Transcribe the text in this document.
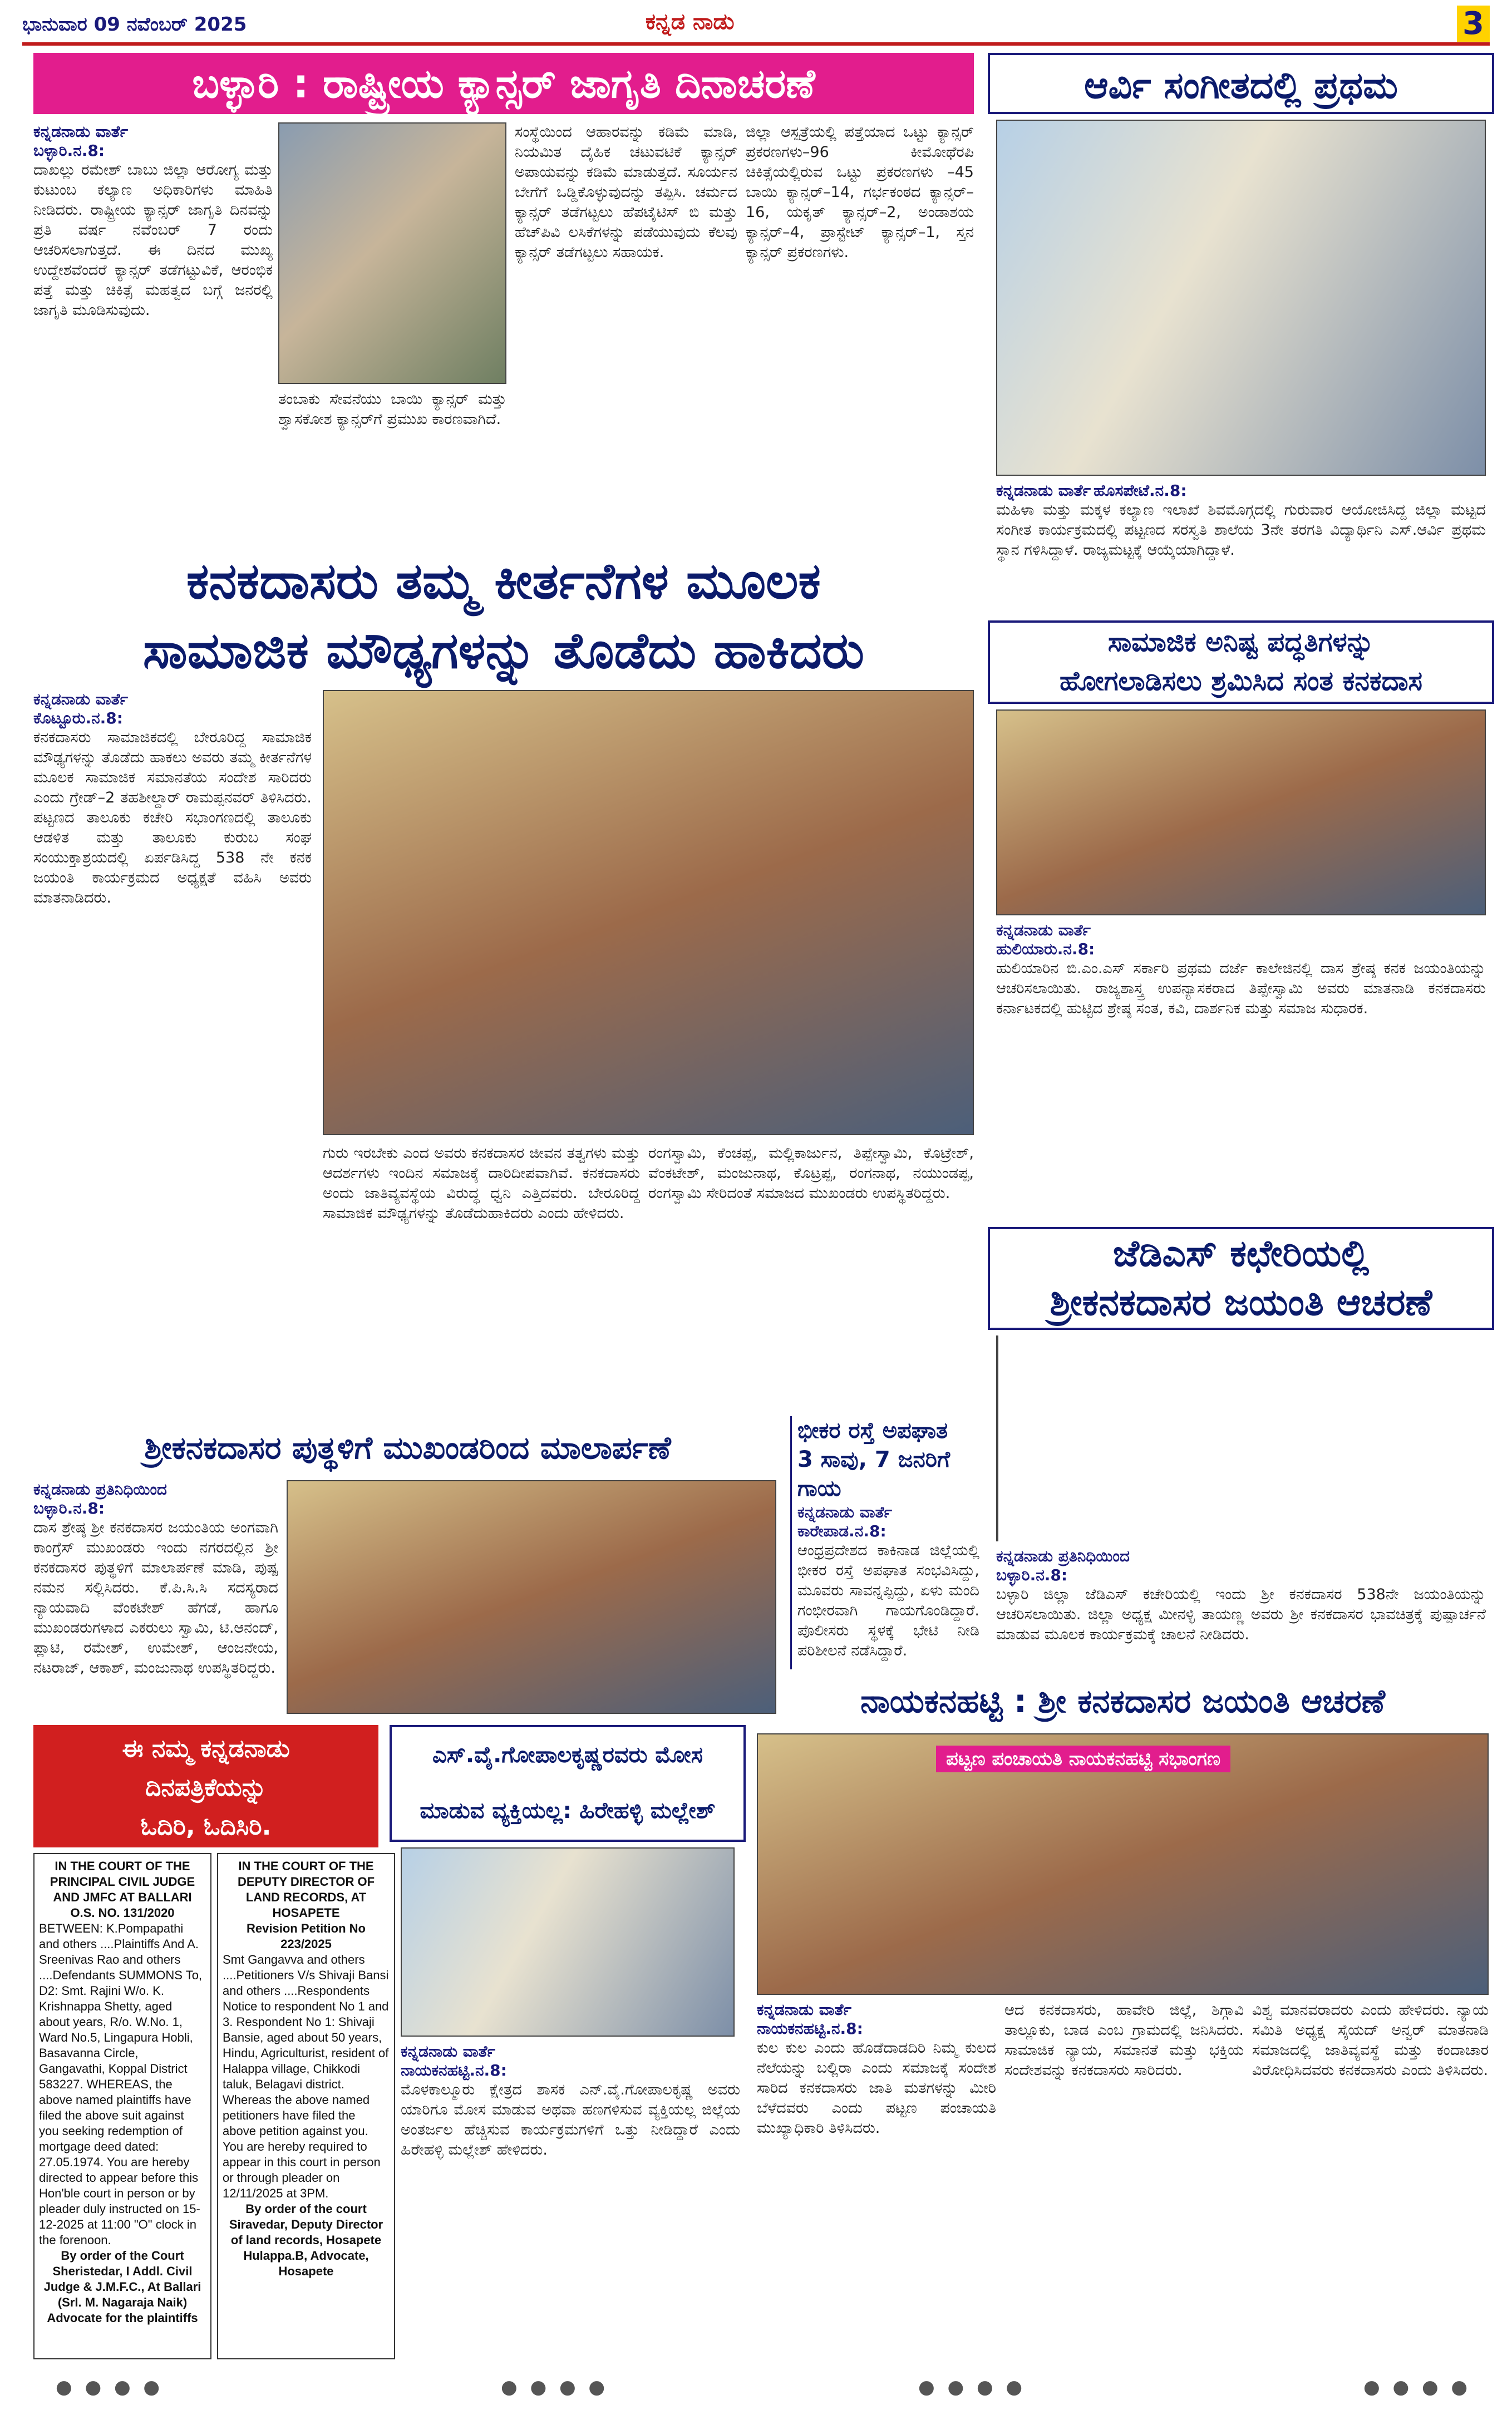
ಭಾನುವಾರ 09 ನವೆಂಬರ್ 2025	ಕನ್ನಡ ನಾಡು	3
ಬಳ್ಳಾರಿ : ರಾಷ್ಟ್ರೀಯ ಕ್ಯಾನ್ಸರ್ ಜಾಗೃತಿ ದಿನಾಚರಣೆ
ಕನ್ನಡನಾಡು ವಾರ್ತೆ
ಬಳ್ಳಾರಿ.ನ.8:
ದಾಖಲ್ಲು ರಮೇಶ್ ಬಾಬು ಜಿಲ್ಲಾ ಆರೋಗ್ಯ ಮತ್ತು ಕುಟುಂಬ ಕಲ್ಯಾಣ ಅಧಿಕಾರಿಗಳು ಮಾಹಿತಿ ನೀಡಿದರು. ರಾಷ್ಟ್ರೀಯ ಕ್ಯಾನ್ಸರ್ ಜಾಗೃತಿ ದಿನವನ್ನು ಪ್ರತಿ ವರ್ಷ ನವೆಂಬರ್ 7 ರಂದು ಆಚರಿಸಲಾಗುತ್ತದೆ. ಈ ದಿನದ ಮುಖ್ಯ ಉದ್ದೇಶವೆಂದರೆ ಕ್ಯಾನ್ಸರ್ ತಡೆಗಟ್ಟುವಿಕೆ, ಆರಂಭಿಕ ಪತ್ತೆ ಮತ್ತು ಚಿಕಿತ್ಸೆ ಮಹತ್ವದ ಬಗ್ಗೆ ಜನರಲ್ಲಿ ಜಾಗೃತಿ ಮೂಡಿಸುವುದು.
ತಂಬಾಕು ಸೇವನೆಯು ಬಾಯಿ ಕ್ಯಾನ್ಸರ್ ಮತ್ತು ಶ್ವಾಸಕೋಶ ಕ್ಯಾನ್ಸರ್‌ಗೆ ಪ್ರಮುಖ ಕಾರಣವಾಗಿದೆ.
ಸಂಸ್ಥೆಯಿಂದ ಆಹಾರವನ್ನು ಕಡಿಮೆ ಮಾಡಿ, ನಿಯಮಿತ ದೈಹಿಕ ಚಟುವಟಿಕೆ ಕ್ಯಾನ್ಸರ್ ಅಪಾಯವನ್ನು ಕಡಿಮೆ ಮಾಡುತ್ತದೆ. ಸೂರ್ಯನ ಬೇಗೆಗೆ ಒಡ್ಡಿಕೊಳ್ಳುವುದನ್ನು ತಪ್ಪಿಸಿ. ಚರ್ಮದ ಕ್ಯಾನ್ಸರ್ ತಡೆಗಟ್ಟಲು ಹೆಪಟೈಟಿಸ್ ಬಿ ಮತ್ತು ಹೆಚ್‌ಪಿವಿ ಲಸಿಕೆಗಳನ್ನು ಪಡೆಯುವುದು ಕೆಲವು ಕ್ಯಾನ್ಸರ್ ತಡೆಗಟ್ಟಲು ಸಹಾಯಕ.
ಜಿಲ್ಲಾ ಆಸ್ಪತ್ರೆಯಲ್ಲಿ ಪತ್ತೆಯಾದ ಒಟ್ಟು ಕ್ಯಾನ್ಸರ್ ಪ್ರಕರಣಗಳು–96 ಕೀಮೋಥೆರಪಿ ಚಿಕಿತ್ಸೆಯಲ್ಲಿರುವ ಒಟ್ಟು ಪ್ರಕರಣಗಳು –45 ಬಾಯಿ ಕ್ಯಾನ್ಸರ್–14, ಗರ್ಭಕಂಠದ ಕ್ಯಾನ್ಸರ್–16, ಯಕೃತ್ ಕ್ಯಾನ್ಸರ್–2, ಅಂಡಾಶಯ ಕ್ಯಾನ್ಸರ್–4, ಪ್ರಾಸ್ಟೇಟ್ ಕ್ಯಾನ್ಸರ್–1, ಸ್ತನ ಕ್ಯಾನ್ಸರ್ ಪ್ರಕರಣಗಳು.
ಆರ್ವಿ ಸಂಗೀತದಲ್ಲಿ ಪ್ರಥಮ
ಕನ್ನಡನಾಡು ವಾರ್ತೆ ಹೊಸಪೇಟೆ.ನ.8:
ಮಹಿಳಾ ಮತ್ತು ಮಕ್ಕಳ ಕಲ್ಯಾಣ ಇಲಾಖೆ ಶಿವಮೊಗ್ಗದಲ್ಲಿ ಗುರುವಾರ ಆಯೋಜಿಸಿದ್ದ ಜಿಲ್ಲಾ ಮಟ್ಟದ ಸಂಗೀತ ಕಾರ್ಯಕ್ರಮದಲ್ಲಿ ಪಟ್ಟಣದ ಸರಸ್ವತಿ ಶಾಲೆಯ 3ನೇ ತರಗತಿ ವಿದ್ಯಾರ್ಥಿನಿ ಎಸ್.ಆರ್ವಿ ಪ್ರಥಮ ಸ್ಥಾನ ಗಳಿಸಿದ್ದಾಳೆ. ರಾಜ್ಯಮಟ್ಟಕ್ಕೆ ಆಯ್ಕೆಯಾಗಿದ್ದಾಳೆ.
ಕನಕದಾಸರು ತಮ್ಮ ಕೀರ್ತನೆಗಳ ಮೂಲಕ
ಸಾಮಾಜಿಕ ಮೌಢ್ಯಗಳನ್ನು ತೊಡೆದು ಹಾಕಿದರು
ಕನ್ನಡನಾಡು ವಾರ್ತೆ
ಕೊಟ್ಟೂರು.ನ.8:
ಕನಕದಾಸರು ಸಾಮಾಜಿಕದಲ್ಲಿ ಬೇರೂರಿದ್ದ ಸಾಮಾಜಿಕ ಮೌಢ್ಯಗಳನ್ನು ತೊಡೆದು ಹಾಕಲು ಅವರು ತಮ್ಮ ಕೀರ್ತನೆಗಳ ಮೂಲಕ ಸಾಮಾಜಿಕ ಸಮಾನತೆಯ ಸಂದೇಶ ಸಾರಿದರು ಎಂದು ಗ್ರೇಡ್–2 ತಹಶೀಲ್ದಾರ್ ರಾಮಪ್ಪನವರ್ ತಿಳಿಸಿದರು. ಪಟ್ಟಣದ ತಾಲೂಕು ಕಚೇರಿ ಸಭಾಂಗಣದಲ್ಲಿ ತಾಲೂಕು ಆಡಳಿತ ಮತ್ತು ತಾಲೂಕು ಕುರುಬ ಸಂಘ ಸಂಯುಕ್ತಾಶ್ರಯದಲ್ಲಿ ಏರ್ಪಡಿಸಿದ್ದ 538 ನೇ ಕನಕ ಜಯಂತಿ ಕಾರ್ಯಕ್ರಮದ ಅಧ್ಯಕ್ಷತೆ ವಹಿಸಿ ಅವರು ಮಾತನಾಡಿದರು.
ಗುರು ಇರಬೇಕು ಎಂದ ಅವರು ಕನಕದಾಸರ ಜೀವನ ತತ್ವಗಳು ಮತ್ತು ಆದರ್ಶಗಳು ಇಂದಿನ ಸಮಾಜಕ್ಕೆ ದಾರಿದೀಪವಾಗಿವೆ. ಕನಕದಾಸರು ಅಂದು ಜಾತಿವ್ಯವಸ್ಥೆಯ ವಿರುದ್ಧ ಧ್ವನಿ ಎತ್ತಿದವರು. ಬೇರೂರಿದ್ದ ಸಾಮಾಜಿಕ ಮೌಢ್ಯಗಳನ್ನು ತೊಡೆದುಹಾಕಿದರು ಎಂದು ಹೇಳಿದರು.
ರಂಗಸ್ವಾಮಿ, ಕೆಂಚಪ್ಪ, ಮಲ್ಲಿಕಾರ್ಜುನ, ತಿಪ್ಪೇಸ್ವಾಮಿ, ಕೊಟ್ರೇಶ್, ವೆಂಕಟೇಶ್, ಮಂಜುನಾಥ, ಕೊಟ್ರಪ್ಪ, ರಂಗನಾಥ, ನಯುಂಡಪ್ಪ, ರಂಗಸ್ವಾಮಿ ಸೇರಿದಂತೆ ಸಮಾಜದ ಮುಖಂಡರು ಉಪಸ್ಥಿತರಿದ್ದರು.
ಸಾಮಾಜಿಕ ಅನಿಷ್ಟ ಪದ್ಧತಿಗಳನ್ನು
ಹೋಗಲಾಡಿಸಲು ಶ್ರಮಿಸಿದ ಸಂತ ಕನಕದಾಸ
ಕನ್ನಡನಾಡು ವಾರ್ತೆ
ಹುಲಿಯಾರು.ನ.8:
ಹುಲಿಯಾರಿನ ಬಿ.ಎಂ.ಎಸ್ ಸರ್ಕಾರಿ ಪ್ರಥಮ ದರ್ಜೆ ಕಾಲೇಜಿನಲ್ಲಿ ದಾಸ ಶ್ರೇಷ್ಠ ಕನಕ ಜಯಂತಿಯನ್ನು ಆಚರಿಸಲಾಯಿತು. ರಾಜ್ಯಶಾಸ್ತ್ರ ಉಪನ್ಯಾಸಕರಾದ ತಿಪ್ಪೇಸ್ವಾಮಿ ಅವರು ಮಾತನಾಡಿ ಕನಕದಾಸರು ಕರ್ನಾಟಕದಲ್ಲಿ ಹುಟ್ಟಿದ ಶ್ರೇಷ್ಠ ಸಂತ, ಕವಿ, ದಾರ್ಶನಿಕ ಮತ್ತು ಸಮಾಜ ಸುಧಾರಕ.
ಜೆಡಿಎಸ್ ಕಛೇರಿಯಲ್ಲಿ
ಶ್ರೀಕನಕದಾಸರ ಜಯಂತಿ ಆಚರಣೆ
ಕನ್ನಡನಾಡು ಪ್ರತಿನಿಧಿಯಿಂದ
ಬಳ್ಳಾರಿ.ನ.8:
ಬಳ್ಳಾರಿ ಜಿಲ್ಲಾ ಜೆಡಿಎಸ್ ಕಚೇರಿಯಲ್ಲಿ ಇಂದು ಶ್ರೀ ಕನಕದಾಸರ 538ನೇ ಜಯಂತಿಯನ್ನು ಆಚರಿಸಲಾಯಿತು. ಜಿಲ್ಲಾ ಅಧ್ಯಕ್ಷ ಮೀನಳ್ಳಿ ತಾಯಣ್ಣ ಅವರು ಶ್ರೀ ಕನಕದಾಸರ ಭಾವಚಿತ್ರಕ್ಕೆ ಪುಷ್ಪಾರ್ಚನೆ ಮಾಡುವ ಮೂಲಕ ಕಾರ್ಯಕ್ರಮಕ್ಕೆ ಚಾಲನೆ ನೀಡಿದರು.
ಭೀಕರ ರಸ್ತೆ ಅಪಘಾತ
3 ಸಾವು, 7 ಜನರಿಗೆ ಗಾಯ
ಕನ್ನಡನಾಡು ವಾರ್ತೆ
ಕಾರೇಪಾಡ.ನ.8:
ಆಂಧ್ರಪ್ರದೇಶದ ಕಾಕಿನಾಡ ಜಿಲ್ಲೆಯಲ್ಲಿ ಭೀಕರ ರಸ್ತೆ ಅಪಘಾತ ಸಂಭವಿಸಿದ್ದು, ಮೂವರು ಸಾವನ್ನಪ್ಪಿದ್ದು, ಏಳು ಮಂದಿ ಗಂಭೀರವಾಗಿ ಗಾಯಗೊಂಡಿದ್ದಾರೆ. ಪೊಲೀಸರು ಸ್ಥಳಕ್ಕೆ ಭೇಟಿ ನೀಡಿ ಪರಿಶೀಲನೆ ನಡೆಸಿದ್ದಾರೆ.
ಶ್ರೀಕನಕದಾಸರ ಪುತ್ಥಳಿಗೆ ಮುಖಂಡರಿಂದ ಮಾಲಾರ್ಪಣೆ
ಕನ್ನಡನಾಡು ಪ್ರತಿನಿಧಿಯಿಂದ
ಬಳ್ಳಾರಿ.ನ.8:
ದಾಸ ಶ್ರೇಷ್ಠ ಶ್ರೀ ಕನಕದಾಸರ ಜಯಂತಿಯ ಅಂಗವಾಗಿ ಕಾಂಗ್ರೆಸ್ ಮುಖಂಡರು ಇಂದು ನಗರದಲ್ಲಿನ ಶ್ರೀ ಕನಕದಾಸರ ಪುತ್ಥಳಿಗೆ ಮಾಲಾರ್ಪಣೆ ಮಾಡಿ, ಪುಷ್ಪ ನಮನ ಸಲ್ಲಿಸಿದರು. ಕೆ.ಪಿ.ಸಿ.ಸಿ ಸದಸ್ಯರಾದ ನ್ಯಾಯವಾದಿ ವೆಂಕಟೇಶ್ ಹೆಗಡೆ, ಹಾಗೂ ಮುಖಂಡರುಗಳಾದ ಎಕರುಲು ಸ್ವಾಮಿ, ಟಿ.ಆನಂದ್, ಪ್ಲಾಟಿ, ರಮೇಶ್, ಉಮೇಶ್, ಆಂಜನೇಯ, ನಟರಾಜ್, ಆಕಾಶ್, ಮಂಜುನಾಥ ಉಪಸ್ಥಿತರಿದ್ದರು.
ಈ ನಮ್ಮ ಕನ್ನಡನಾಡು
ದಿನಪತ್ರಿಕೆಯನ್ನು
ಓದಿರಿ, ಓದಿಸಿರಿ.
IN THE COURT OF THE PRINCIPAL CIVIL JUDGE AND JMFC AT BALLARI
O.S. NO. 131/2020
BETWEEN: K.Pompapathi and others ....Plaintiffs And A. Sreenivas Rao and others ....Defendants SUMMONS To, D2: Smt. Rajini W/o. K. Krishnappa Shetty, aged about years, R/o. W.No. 1, Ward No.5, Lingapura Hobli, Basavanna Circle, Gangavathi, Koppal District 583227. WHEREAS, the above named plaintiffs have filed the above suit against you seeking redemption of mortgage deed dated: 27.05.1974. You are hereby directed to appear before this Hon'ble court in person or by pleader duly instructed on 15-12-2025 at 11:00 "O" clock in the forenoon.
By order of the Court Sheristedar, I Addl. Civil Judge & J.M.F.C., At Ballari (Srl. M. Nagaraja Naik) Advocate for the plaintiffs
IN THE COURT OF THE DEPUTY DIRECTOR OF LAND RECORDS, AT HOSAPETE
Revision Petition No 223/2025
Smt Gangavva and others ....Petitioners V/s Shivaji Bansi and others ....Respondents Notice to respondent No 1 and 3. Respondent No 1: Shivaji Bansie, aged about 50 years, Hindu, Agriculturist, resident of Halappa village, Chikkodi taluk, Belagavi district. Whereas the above named petitioners have filed the above petition against you. You are hereby required to appear in this court in person or through pleader on 12/11/2025 at 3PM.
By order of the court Siravedar, Deputy Director of land records, Hosapete Hulappa.B, Advocate, Hosapete
ಎಸ್.ವೈ.ಗೋಪಾಲಕೃಷ್ಣರವರು ಮೋಸ
ಮಾಡುವ ವ್ಯಕ್ತಿಯಲ್ಲ: ಹಿರೇಹಳ್ಳಿ ಮಲ್ಲೇಶ್
ಕನ್ನಡನಾಡು ವಾರ್ತೆ
ನಾಯಕನಹಟ್ಟಿ.ನ.8:
ಮೊಳಕಾಲ್ಮೂರು ಕ್ಷೇತ್ರದ ಶಾಸಕ ಎನ್.ವೈ.ಗೋಪಾಲಕೃಷ್ಣ ಅವರು ಯಾರಿಗೂ ಮೋಸ ಮಾಡುವ ಅಥವಾ ಹಣಗಳಿಸುವ ವ್ಯಕ್ತಿಯಲ್ಲ ಜಿಲ್ಲೆಯ ಅಂತರ್ಜಲ ಹೆಚ್ಚಿಸುವ ಕಾರ್ಯಕ್ರಮಗಳಿಗೆ ಒತ್ತು ನೀಡಿದ್ದಾರೆ ಎಂದು ಹಿರೇಹಳ್ಳಿ ಮಲ್ಲೇಶ್ ಹೇಳಿದರು.
ನಾಯಕನಹಟ್ಟಿ : ಶ್ರೀ ಕನಕದಾಸರ ಜಯಂತಿ ಆಚರಣೆ
ಪಟ್ಟಣ ಪಂಚಾಯತಿ ನಾಯಕನಹಟ್ಟಿ ಸಭಾಂಗಣ
ಕನ್ನಡನಾಡು ವಾರ್ತೆ
ನಾಯಕನಹಟ್ಟಿ.ನ.8:
ಕುಲ ಕುಲ ಎಂದು ಹೊಡೆದಾಡದಿರಿ ನಿಮ್ಮ ಕುಲದ ನೆಲೆಯನ್ನು ಬಲ್ಲಿರಾ ಎಂದು ಸಮಾಜಕ್ಕೆ ಸಂದೇಶ ಸಾರಿದ ಕನಕದಾಸರು ಜಾತಿ ಮತಗಳನ್ನು ಮೀರಿ ಬೆಳೆದವರು ಎಂದು ಪಟ್ಟಣ ಪಂಚಾಯತಿ ಮುಖ್ಯಾಧಿಕಾರಿ ತಿಳಿಸಿದರು.
ಆದ ಕನಕದಾಸರು, ಹಾವೇರಿ ಜಿಲ್ಲೆ, ಶಿಗ್ಗಾವಿ ತಾಲ್ಲೂಕು, ಬಾಡ ಎಂಬ ಗ್ರಾಮದಲ್ಲಿ ಜನಿಸಿದರು. ಸಾಮಾಜಿಕ ನ್ಯಾಯ, ಸಮಾನತೆ ಮತ್ತು ಭಕ್ತಿಯ ಸಂದೇಶವನ್ನು ಕನಕದಾಸರು ಸಾರಿದರು.
ವಿಶ್ವ ಮಾನವರಾದರು ಎಂದು ಹೇಳಿದರು. ನ್ಯಾಯ ಸಮಿತಿ ಅಧ್ಯಕ್ಷ ಸೈಯದ್ ಅನ್ವರ್ ಮಾತನಾಡಿ ಸಮಾಜದಲ್ಲಿ ಜಾತಿವ್ಯವಸ್ಥೆ ಮತ್ತು ಕಂದಾಚಾರ ವಿರೋಧಿಸಿದವರು ಕನಕದಾಸರು ಎಂದು ತಿಳಿಸಿದರು.
● ● ● ●	● ● ● ●	● ● ● ●	● ● ● ●
